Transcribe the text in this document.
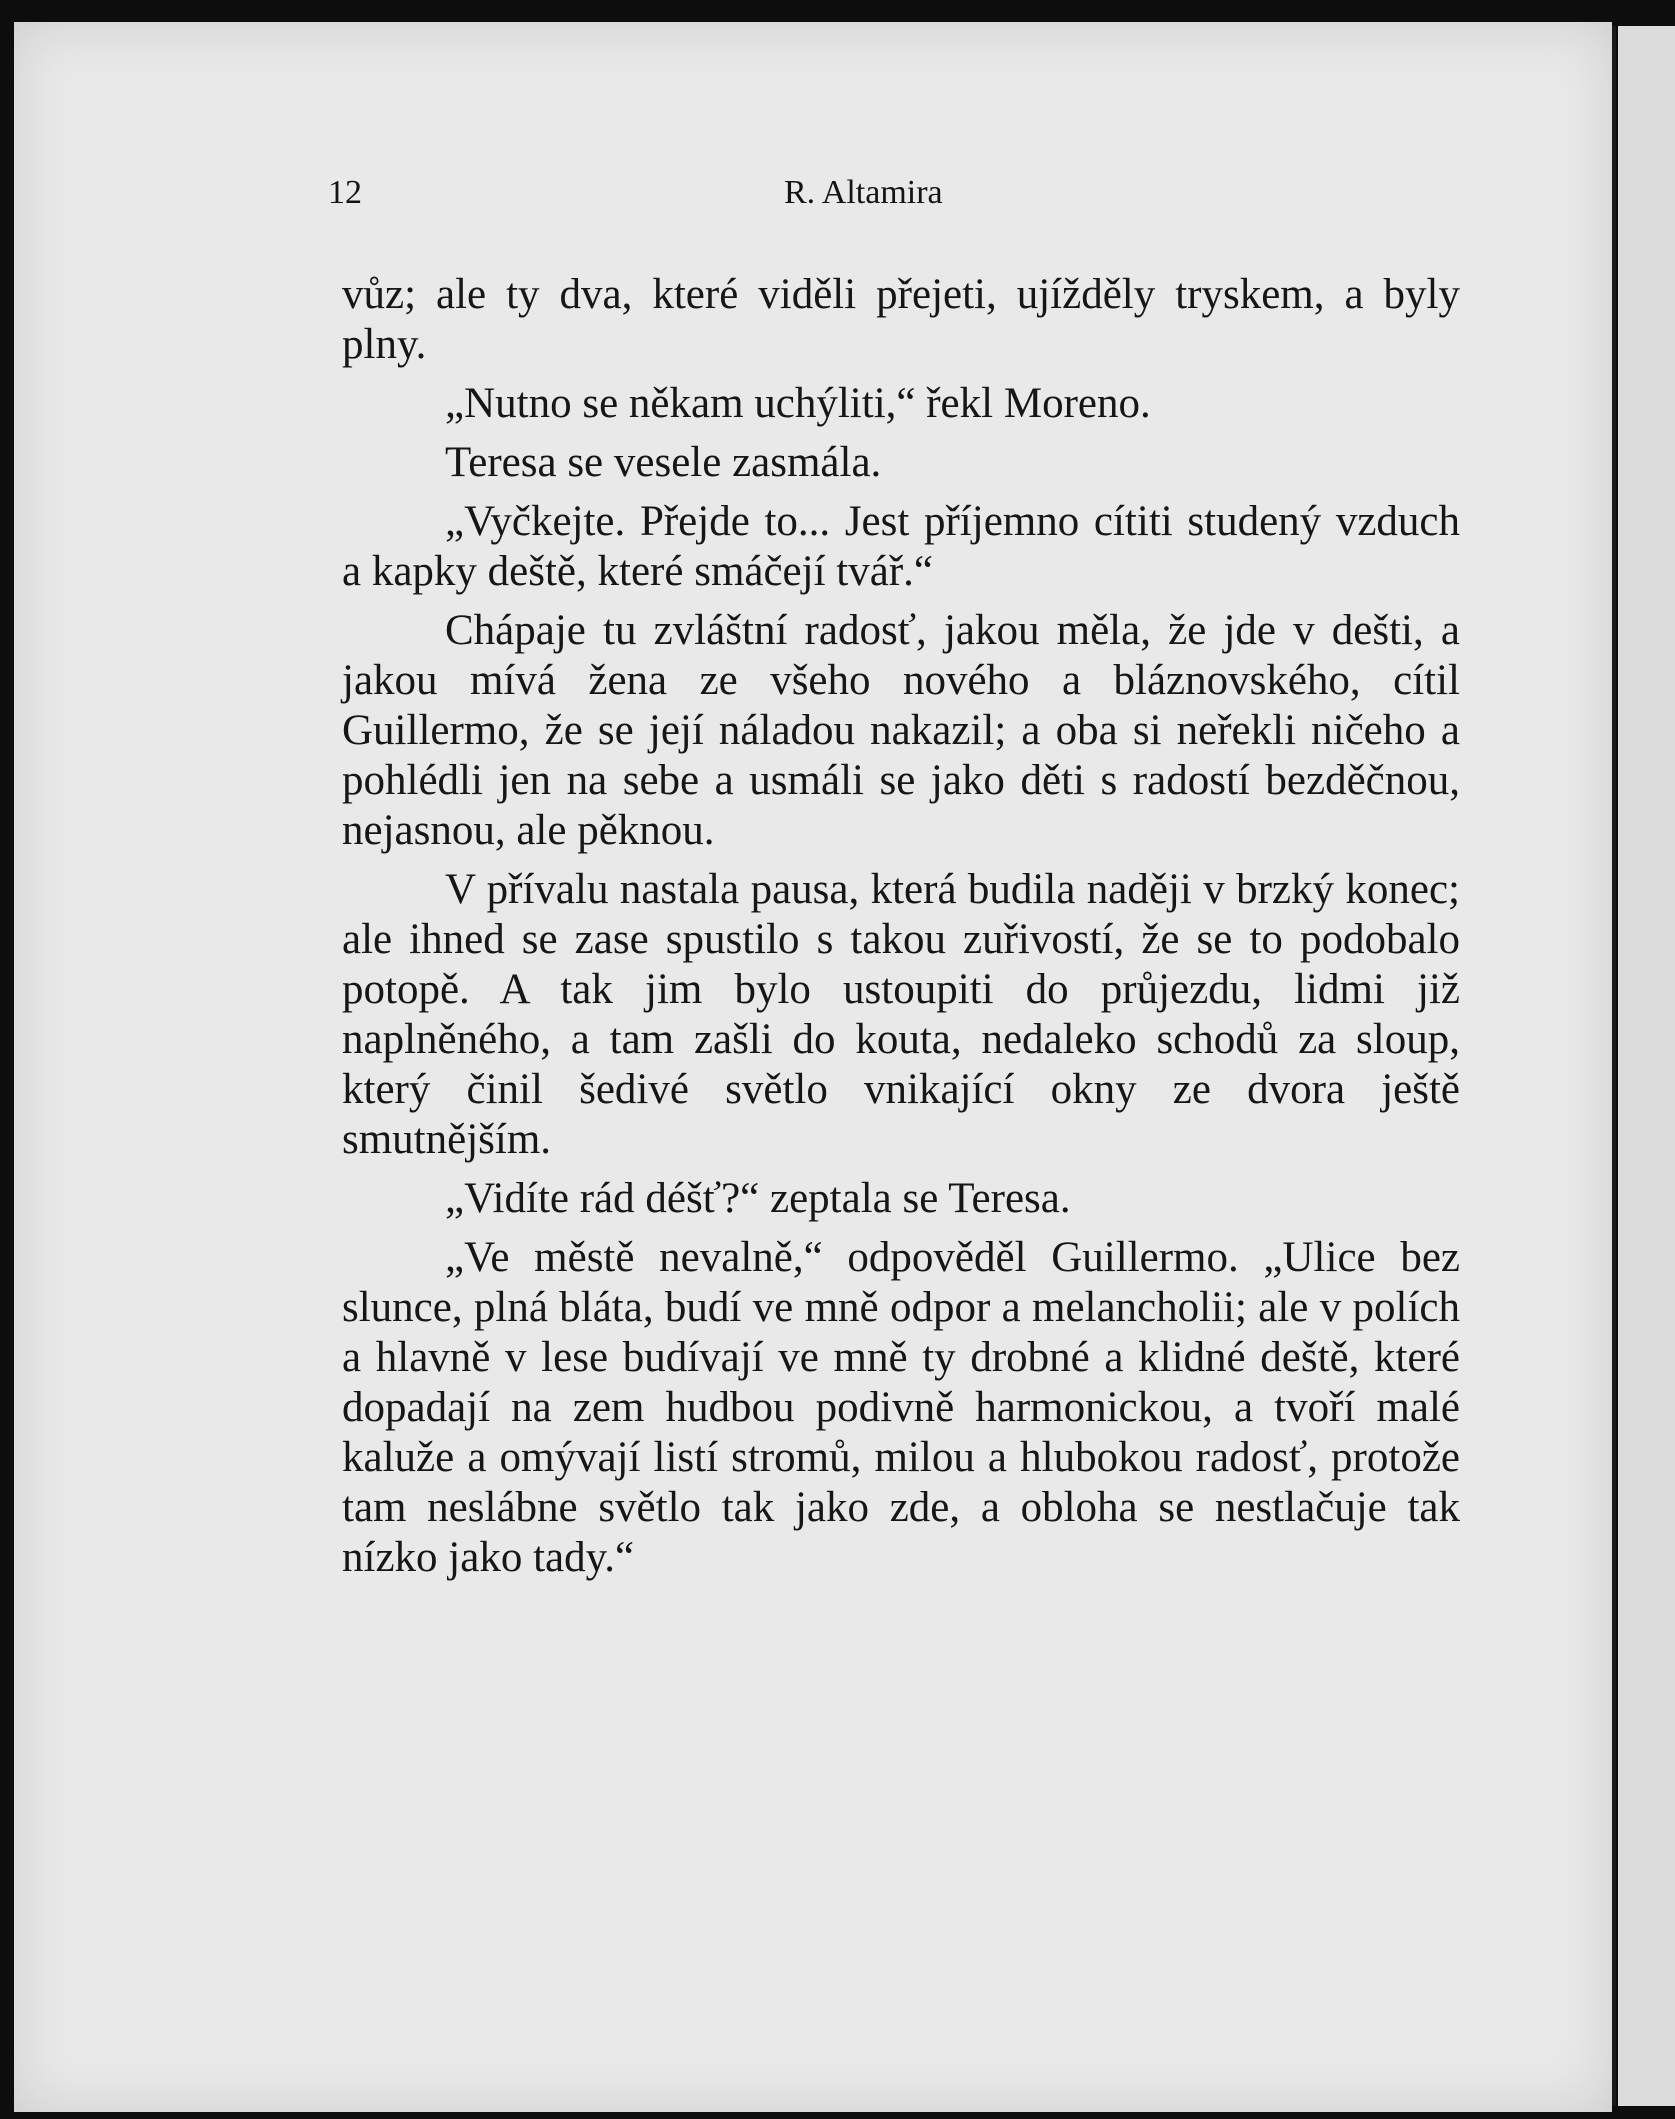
12	R. Altamira

vůz; ale ty dva, které viděli přejeti, ujížděly tryskem, a byly plny.

„Nutno se někam uchýliti,“ řekl Moreno.

Teresa se vesele zasmála.

„Vyčkejte. Přejde to... Jest příjemno cítiti studený vzduch a kapky deště, které smáčejí tvář.“

Chápaje tu zvláštní radosť, jakou měla, že jde v dešti, a jakou mívá žena ze všeho nového a bláznovského, cítil Guillermo, že se její náladou nakazil; a oba si neřekli ničeho a pohlédli jen na sebe a usmáli se jako děti s radostí bezděčnou, nejasnou, ale pěknou.

V přívalu nastala pausa, která budila naději v brzký konec; ale ihned se zase spustilo s takou zuřivostí, že se to podobalo potopě. A tak jim bylo ustoupiti do průjezdu, lidmi již naplněného, a tam zašli do kouta, nedaleko schodů za sloup, který činil šedivé světlo vnikající okny ze dvora ještě smutnějším.

„Vidíte rád déšť?“ zeptala se Teresa.

„Ve městě nevalně,“ odpověděl Guillermo. „Ulice bez slunce, plná bláta, budí ve mně odpor a melancholii; ale v polích a hlavně v lese budívají ve mně ty drobné a klidné deště, které dopadají na zem hudbou podivně harmonickou, a tvoří malé kaluže a omývají listí stromů, milou a hlubokou radosť, protože tam neslábne světlo tak jako zde, a obloha se nestlačuje tak nízko jako tady.“
